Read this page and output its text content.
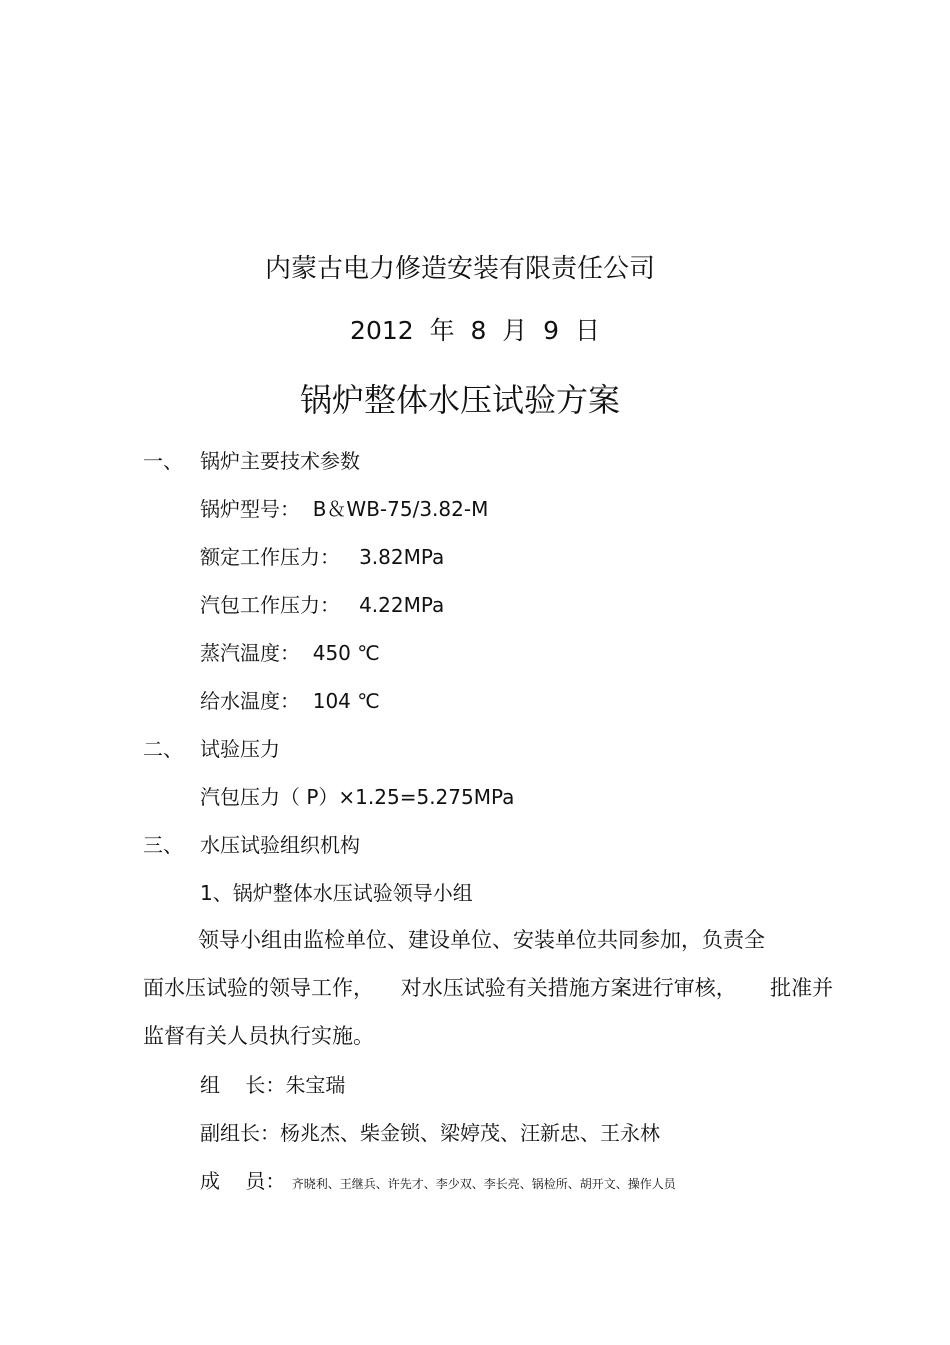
内蒙古电力修造安装有限责任公司
2012  年  8  月  9  日
锅炉整体水压试验方案
一、 锅炉主要技术参数
锅炉型号：  B＆WB-75/3.82-M
额定工作压力：   3.82MPa
汽包工作压力：   4.22MPa
蒸汽温度：  450 ℃
给水温度：  104 ℃
二、 试验压力
汽包压力（ P）×1.25=5.275MPa
三、 水压试验组织机构
1、锅炉整体水压试验领导小组
领导小组由监检单位、建设单位、安装单位共同参加，负责全
面水压试验的领导工作，    对水压试验有关措施方案进行审核，     批准并
监督有关人员执行实施。
组    长：朱宝瑞
副组长：杨兆杰、柴金锁、梁婷茂、汪新忠、王永林
成    员： 齐晓利、王继兵、许先才、李少双、李长亮、锅检所、胡开文、操作人员
